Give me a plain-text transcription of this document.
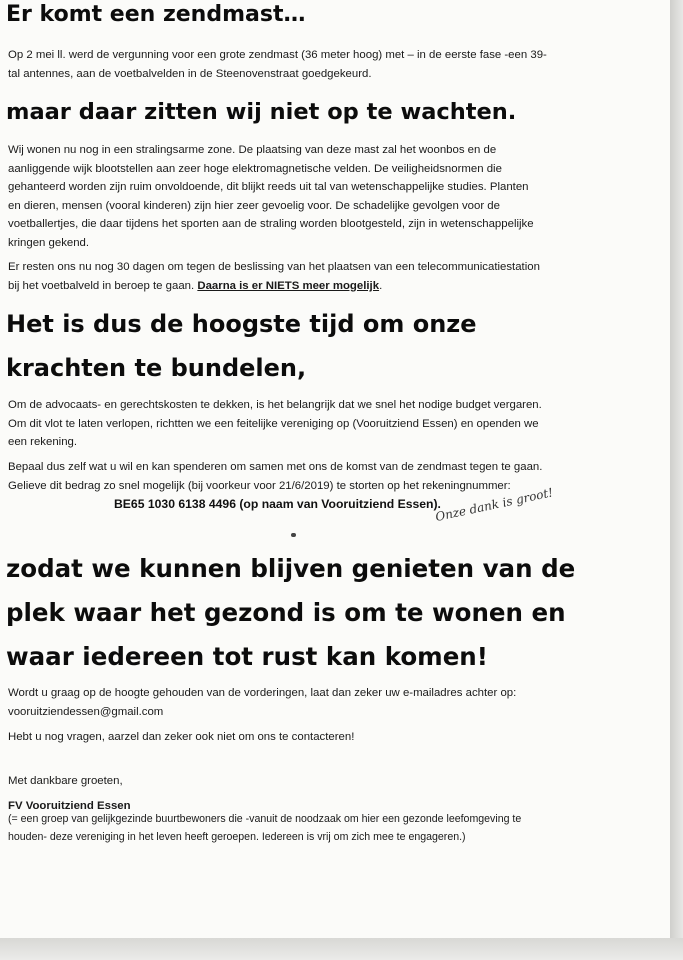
Er komt een zendmast…

Op 2 mei ll. werd de vergunning voor een grote zendmast (36 meter hoog) met – in de eerste fase -een 39-
tal antennes, aan de voetbalvelden in de Steenovenstraat goedgekeurd.

maar daar zitten wij niet op te wachten.

Wij wonen nu nog in een stralingsarme zone. De plaatsing van deze mast zal het woonbos en de
aanliggende wijk blootstellen aan zeer hoge elektromagnetische velden. De veiligheidsnormen die
gehanteerd worden zijn ruim onvoldoende, dit blijkt reeds uit tal van wetenschappelijke studies. Planten
en dieren, mensen (vooral kinderen) zijn hier zeer gevoelig voor. De schadelijke gevolgen voor de
voetballertjes, die daar tijdens het sporten aan de straling worden blootgesteld, zijn in wetenschappelijke
kringen gekend.

Er resten ons nu nog 30 dagen om tegen de beslissing van het plaatsen van een telecommunicatiestation
bij het voetbalveld in beroep te gaan. Daarna is er NIETS meer mogelijk.

Het is dus de hoogste tijd om onze
krachten te bundelen,

Om de advocaats- en gerechtskosten te dekken, is het belangrijk dat we snel het nodige budget vergaren.
Om dit vlot te laten verlopen, richtten we een feitelijke vereniging op (Vooruitziend Essen) en openden we
een rekening.

Bepaal dus zelf wat u wil en kan spenderen om samen met ons de komst van de zendmast tegen te gaan.
Gelieve dit bedrag zo snel mogelijk (bij voorkeur voor 21/6/2019) te storten op het rekeningnummer:

BE65 1030 6138 4496 (op naam van Vooruitziend Essen).

Onze dank is groot!

zodat we kunnen blijven genieten van de
plek waar het gezond is om te wonen en
waar iedereen tot rust kan komen!

Wordt u graag op de hoogte gehouden van de vorderingen, laat dan zeker uw e-mailadres achter op:
vooruitziendessen@gmail.com

Hebt u nog vragen, aarzel dan zeker ook niet om ons te contacteren!

Met dankbare groeten,

FV Vooruitziend Essen

(= een groep van gelijkgezinde buurtbewoners die -vanuit de noodzaak om hier een gezonde leefomgeving te
houden- deze vereniging in het leven heeft geroepen. Iedereen is vrij om zich mee te engageren.)
